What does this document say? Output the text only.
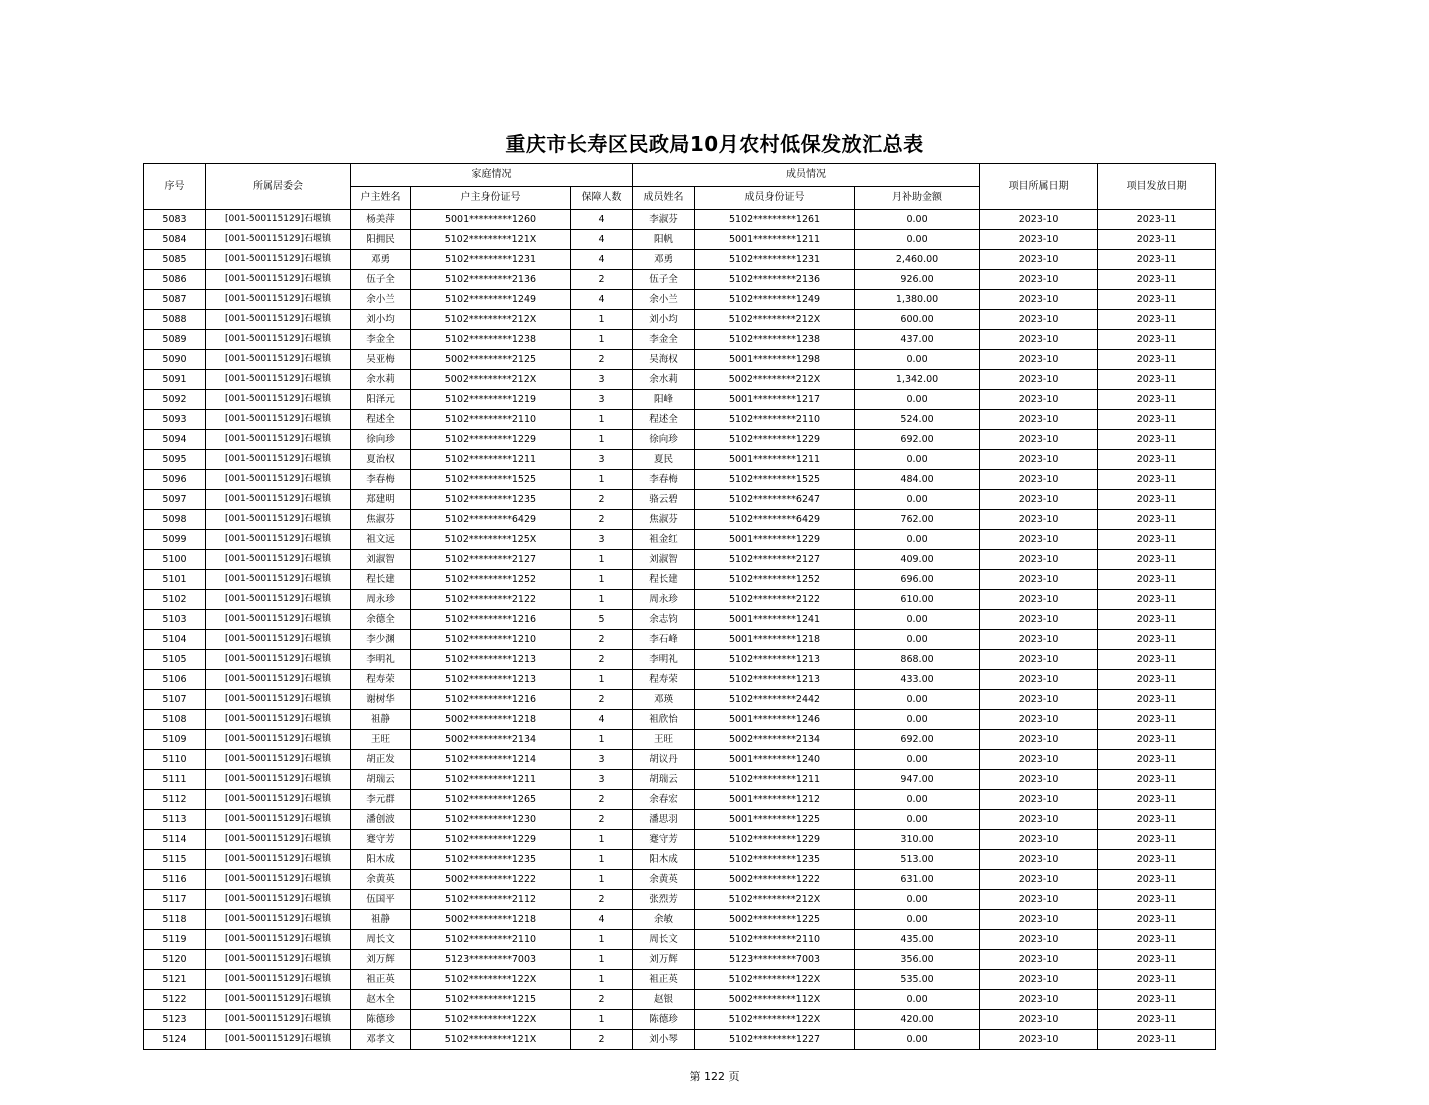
重庆市长寿区民政局10月农村低保发放汇总表
序号	所属居委会	家庭情况			成员情况			项目所属日期	项目发放日期
		户主姓名	户主身份证号	保障人数	成员姓名	成员身份证号	月补助金额		
5083	[001-500115129]石堰镇	杨美萍	5001*********1260	4	李淑芬	5102*********1261	0.00	2023-10	2023-11
5084	[001-500115129]石堰镇	阳拥民	5102*********121X	4	阳帆	5001*********1211	0.00	2023-10	2023-11
5085	[001-500115129]石堰镇	邓勇	5102*********1231	4	邓勇	5102*********1231	2,460.00	2023-10	2023-11
5086	[001-500115129]石堰镇	伍子全	5102*********2136	2	伍子全	5102*********2136	926.00	2023-10	2023-11
5087	[001-500115129]石堰镇	余小兰	5102*********1249	4	余小兰	5102*********1249	1,380.00	2023-10	2023-11
5088	[001-500115129]石堰镇	刘小均	5102*********212X	1	刘小均	5102*********212X	600.00	2023-10	2023-11
5089	[001-500115129]石堰镇	李金全	5102*********1238	1	李金全	5102*********1238	437.00	2023-10	2023-11
5090	[001-500115129]石堰镇	吴亚梅	5002*********2125	2	吴海权	5001*********1298	0.00	2023-10	2023-11
5091	[001-500115129]石堰镇	余水莉	5002*********212X	3	余水莉	5002*********212X	1,342.00	2023-10	2023-11
5092	[001-500115129]石堰镇	阳泽元	5102*********1219	3	阳峰	5001*********1217	0.00	2023-10	2023-11
5093	[001-500115129]石堰镇	程述全	5102*********2110	1	程述全	5102*********2110	524.00	2023-10	2023-11
5094	[001-500115129]石堰镇	徐向珍	5102*********1229	1	徐向珍	5102*********1229	692.00	2023-10	2023-11
5095	[001-500115129]石堰镇	夏治权	5102*********1211	3	夏民	5001*********1211	0.00	2023-10	2023-11
5096	[001-500115129]石堰镇	李春梅	5102*********1525	1	李春梅	5102*********1525	484.00	2023-10	2023-11
5097	[001-500115129]石堰镇	郑建明	5102*********1235	2	骆云碧	5102*********6247	0.00	2023-10	2023-11
5098	[001-500115129]石堰镇	焦淑芬	5102*********6429	2	焦淑芬	5102*********6429	762.00	2023-10	2023-11
5099	[001-500115129]石堰镇	祖文远	5102*********125X	3	祖金红	5001*********1229	0.00	2023-10	2023-11
5100	[001-500115129]石堰镇	刘淑智	5102*********2127	1	刘淑智	5102*********2127	409.00	2023-10	2023-11
5101	[001-500115129]石堰镇	程长建	5102*********1252	1	程长建	5102*********1252	696.00	2023-10	2023-11
5102	[001-500115129]石堰镇	周永珍	5102*********2122	1	周永珍	5102*********2122	610.00	2023-10	2023-11
5103	[001-500115129]石堰镇	余德全	5102*********1216	5	余志钧	5001*********1241	0.00	2023-10	2023-11
5104	[001-500115129]石堰镇	李少渊	5102*********1210	2	李石峰	5001*********1218	0.00	2023-10	2023-11
5105	[001-500115129]石堰镇	李明礼	5102*********1213	2	李明礼	5102*********1213	868.00	2023-10	2023-11
5106	[001-500115129]石堰镇	程寿荣	5102*********1213	1	程寿荣	5102*********1213	433.00	2023-10	2023-11
5107	[001-500115129]石堰镇	谢树华	5102*********1216	2	邓瑛	5102*********2442	0.00	2023-10	2023-11
5108	[001-500115129]石堰镇	祖静	5002*********1218	4	祖欣怡	5001*********1246	0.00	2023-10	2023-11
5109	[001-500115129]石堰镇	王旺	5002*********2134	1	王旺	5002*********2134	692.00	2023-10	2023-11
5110	[001-500115129]石堰镇	胡正发	5102*********1214	3	胡议丹	5001*********1240	0.00	2023-10	2023-11
5111	[001-500115129]石堰镇	胡瑞云	5102*********1211	3	胡瑞云	5102*********1211	947.00	2023-10	2023-11
5112	[001-500115129]石堰镇	李元群	5102*********1265	2	余春宏	5001*********1212	0.00	2023-10	2023-11
5113	[001-500115129]石堰镇	潘创波	5102*********1230	2	潘思羽	5001*********1225	0.00	2023-10	2023-11
5114	[001-500115129]石堰镇	蹇守芳	5102*********1229	1	蹇守芳	5102*********1229	310.00	2023-10	2023-11
5115	[001-500115129]石堰镇	阳木成	5102*********1235	1	阳木成	5102*********1235	513.00	2023-10	2023-11
5116	[001-500115129]石堰镇	余黄英	5002*********1222	1	余黄英	5002*********1222	631.00	2023-10	2023-11
5117	[001-500115129]石堰镇	伍国平	5102*********2112	2	张烈芳	5102*********212X	0.00	2023-10	2023-11
5118	[001-500115129]石堰镇	祖静	5002*********1218	4	余敏	5002*********1225	0.00	2023-10	2023-11
5119	[001-500115129]石堰镇	周长文	5102*********2110	1	周长文	5102*********2110	435.00	2023-10	2023-11
5120	[001-500115129]石堰镇	刘万辉	5123*********7003	1	刘万辉	5123*********7003	356.00	2023-10	2023-11
5121	[001-500115129]石堰镇	祖正英	5102*********122X	1	祖正英	5102*********122X	535.00	2023-10	2023-11
5122	[001-500115129]石堰镇	赵木全	5102*********1215	2	赵银	5002*********112X	0.00	2023-10	2023-11
5123	[001-500115129]石堰镇	陈德珍	5102*********122X	1	陈德珍	5102*********122X	420.00	2023-10	2023-11
5124	[001-500115129]石堰镇	邓孝文	5102*********121X	2	刘小琴	5102*********1227	0.00	2023-10	2023-11
第 122 页
